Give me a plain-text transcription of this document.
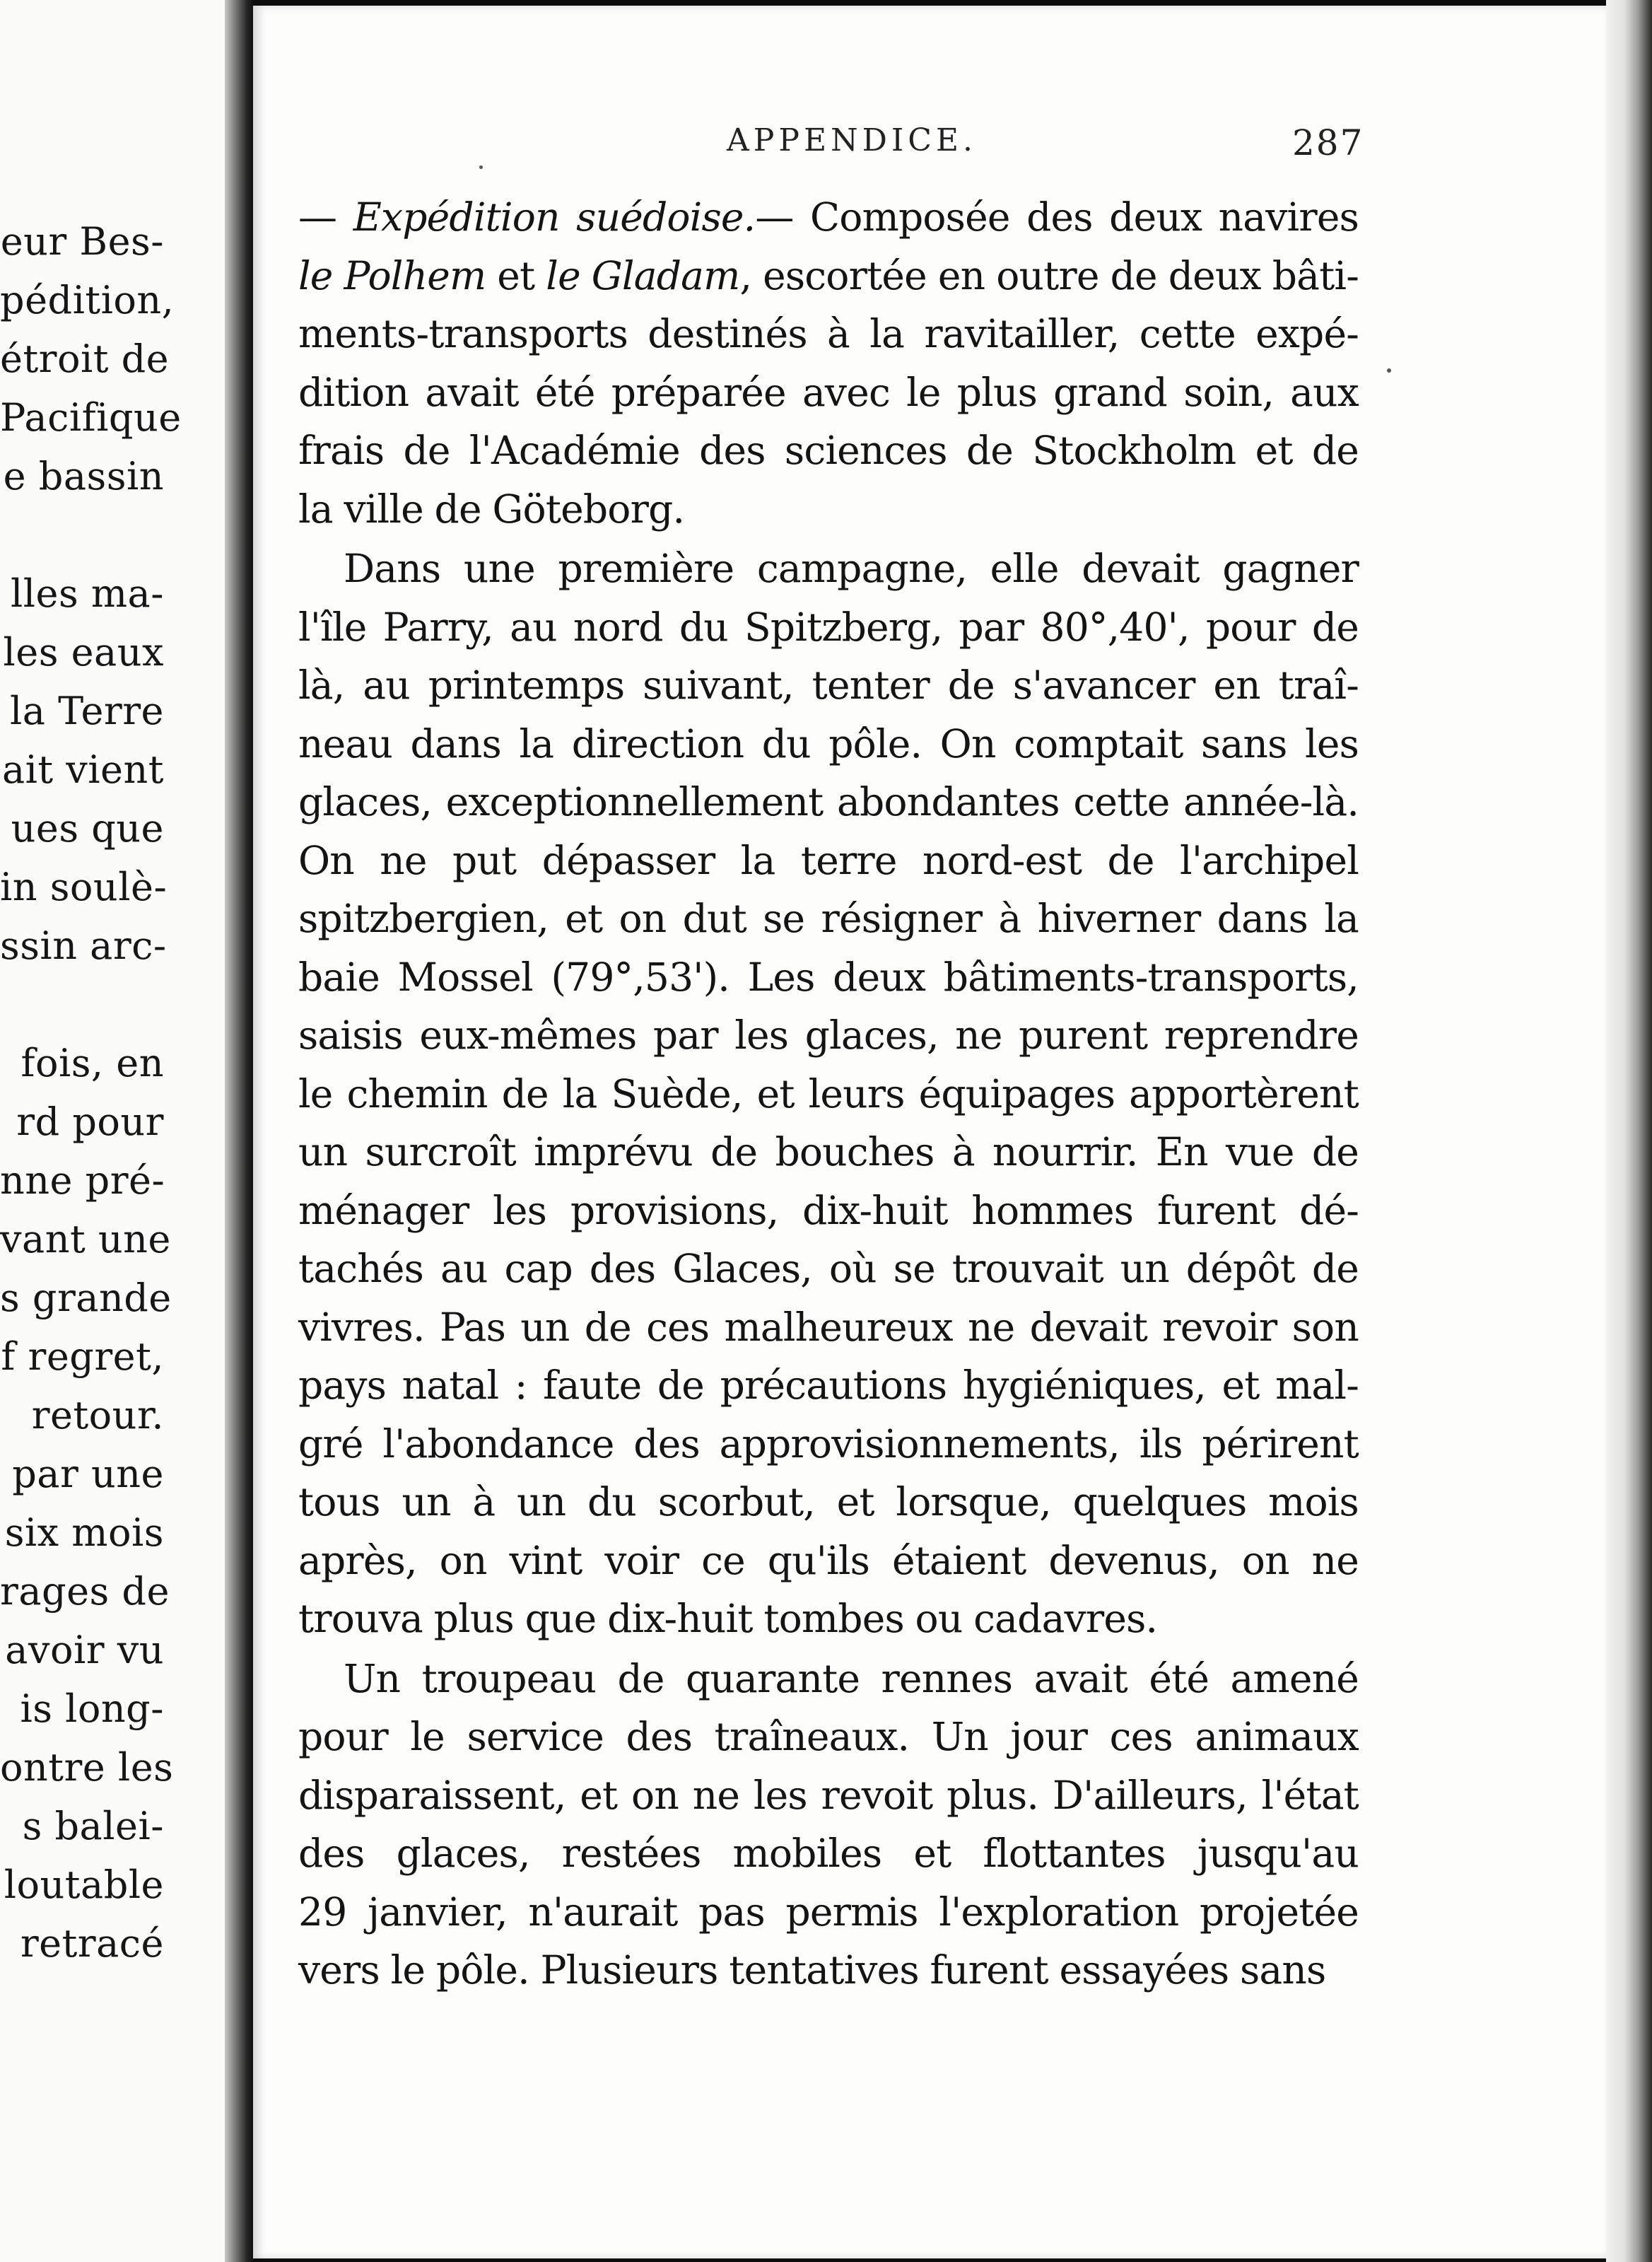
eur Bes-
pédition,
étroit de
Pacifique
e bassin
lles ma-
les eaux
la Terre
ait vient
ues que
in soulè-
ssin arc-
fois, en
rd pour
nne pré-
vant une
s grande
f regret,
retour.
par une
six mois
rages de
avoir vu
is long-
ontre les
s balei-
loutable
retracé
APPENDICE.	287
— Expédition suédoise.— Composée des deux navires
le Polhem et le Gladam, escortée en outre de deux bâti-
ments-transports destinés à la ravitailler, cette expé-
dition avait été préparée avec le plus grand soin, aux
frais de l'Académie des sciences de Stockholm et de
la ville de Göteborg.
Dans une première campagne, elle devait gagner
l'île Parry, au nord du Spitzberg, par 80°,40', pour de
là, au printemps suivant, tenter de s'avancer en traî-
neau dans la direction du pôle. On comptait sans les
glaces, exceptionnellement abondantes cette année-là.
On ne put dépasser la terre nord-est de l'archipel
spitzbergien, et on dut se résigner à hiverner dans la
baie Mossel (79°,53'). Les deux bâtiments-transports,
saisis eux-mêmes par les glaces, ne purent reprendre
le chemin de la Suède, et leurs équipages apportèrent
un surcroît imprévu de bouches à nourrir. En vue de
ménager les provisions, dix-huit hommes furent dé-
tachés au cap des Glaces, où se trouvait un dépôt de
vivres. Pas un de ces malheureux ne devait revoir son
pays natal : faute de précautions hygiéniques, et mal-
gré l'abondance des approvisionnements, ils périrent
tous un à un du scorbut, et lorsque, quelques mois
après, on vint voir ce qu'ils étaient devenus, on ne
trouva plus que dix-huit tombes ou cadavres.
Un troupeau de quarante rennes avait été amené
pour le service des traîneaux. Un jour ces animaux
disparaissent, et on ne les revoit plus. D'ailleurs, l'état
des glaces, restées mobiles et flottantes jusqu'au
29 janvier, n'aurait pas permis l'exploration projetée
vers le pôle. Plusieurs tentatives furent essayées sans
